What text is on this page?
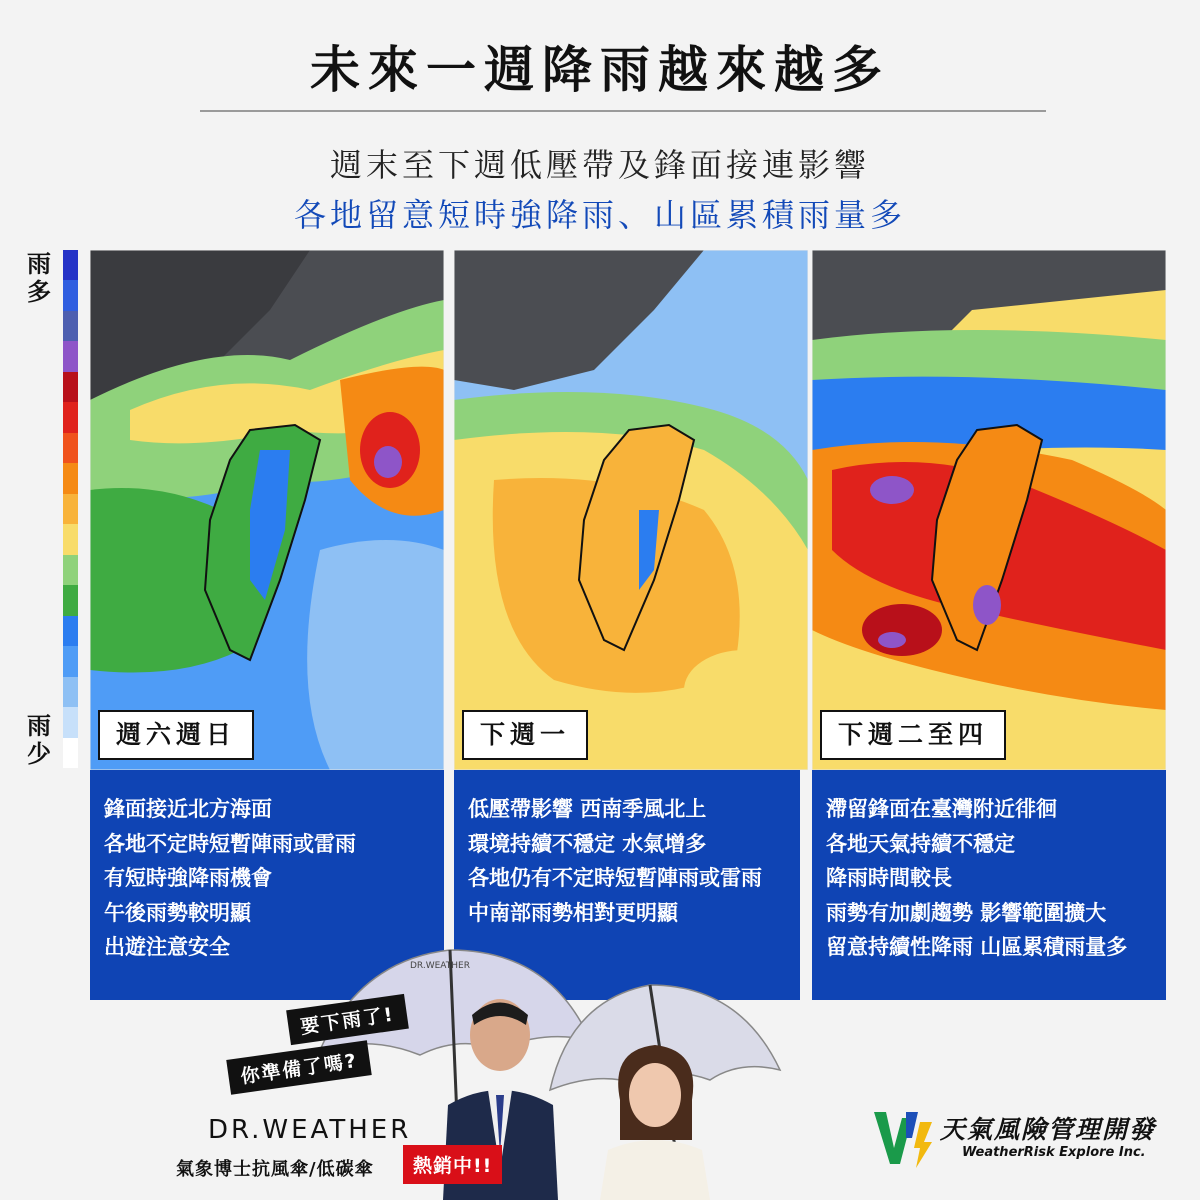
未來一週降雨越來越多
週末至下週低壓帶及鋒面接連影響
各地留意短時強降雨、山區累積雨量多
雨多
雨少
週六週日	下週一	下週二至四
鋒面接近北方海面
各地不定時短暫陣雨或雷雨
有短時強降雨機會
午後雨勢較明顯
出遊注意安全
低壓帶影響 西南季風北上
環境持續不穩定 水氣增多
各地仍有不定時短暫陣雨或雷雨
中南部雨勢相對更明顯
滯留鋒面在臺灣附近徘徊
各地天氣持續不穩定
降雨時間較長
雨勢有加劇趨勢 影響範圍擴大
留意持續性降雨 山區累積雨量多
DR.WEATHER
要下雨了!
你準備了嗎?
DR.WEATHER
氣象博士抗風傘/低碳傘	熱銷中!!
天氣風險管理開發
WeatherRisk Explore Inc.
